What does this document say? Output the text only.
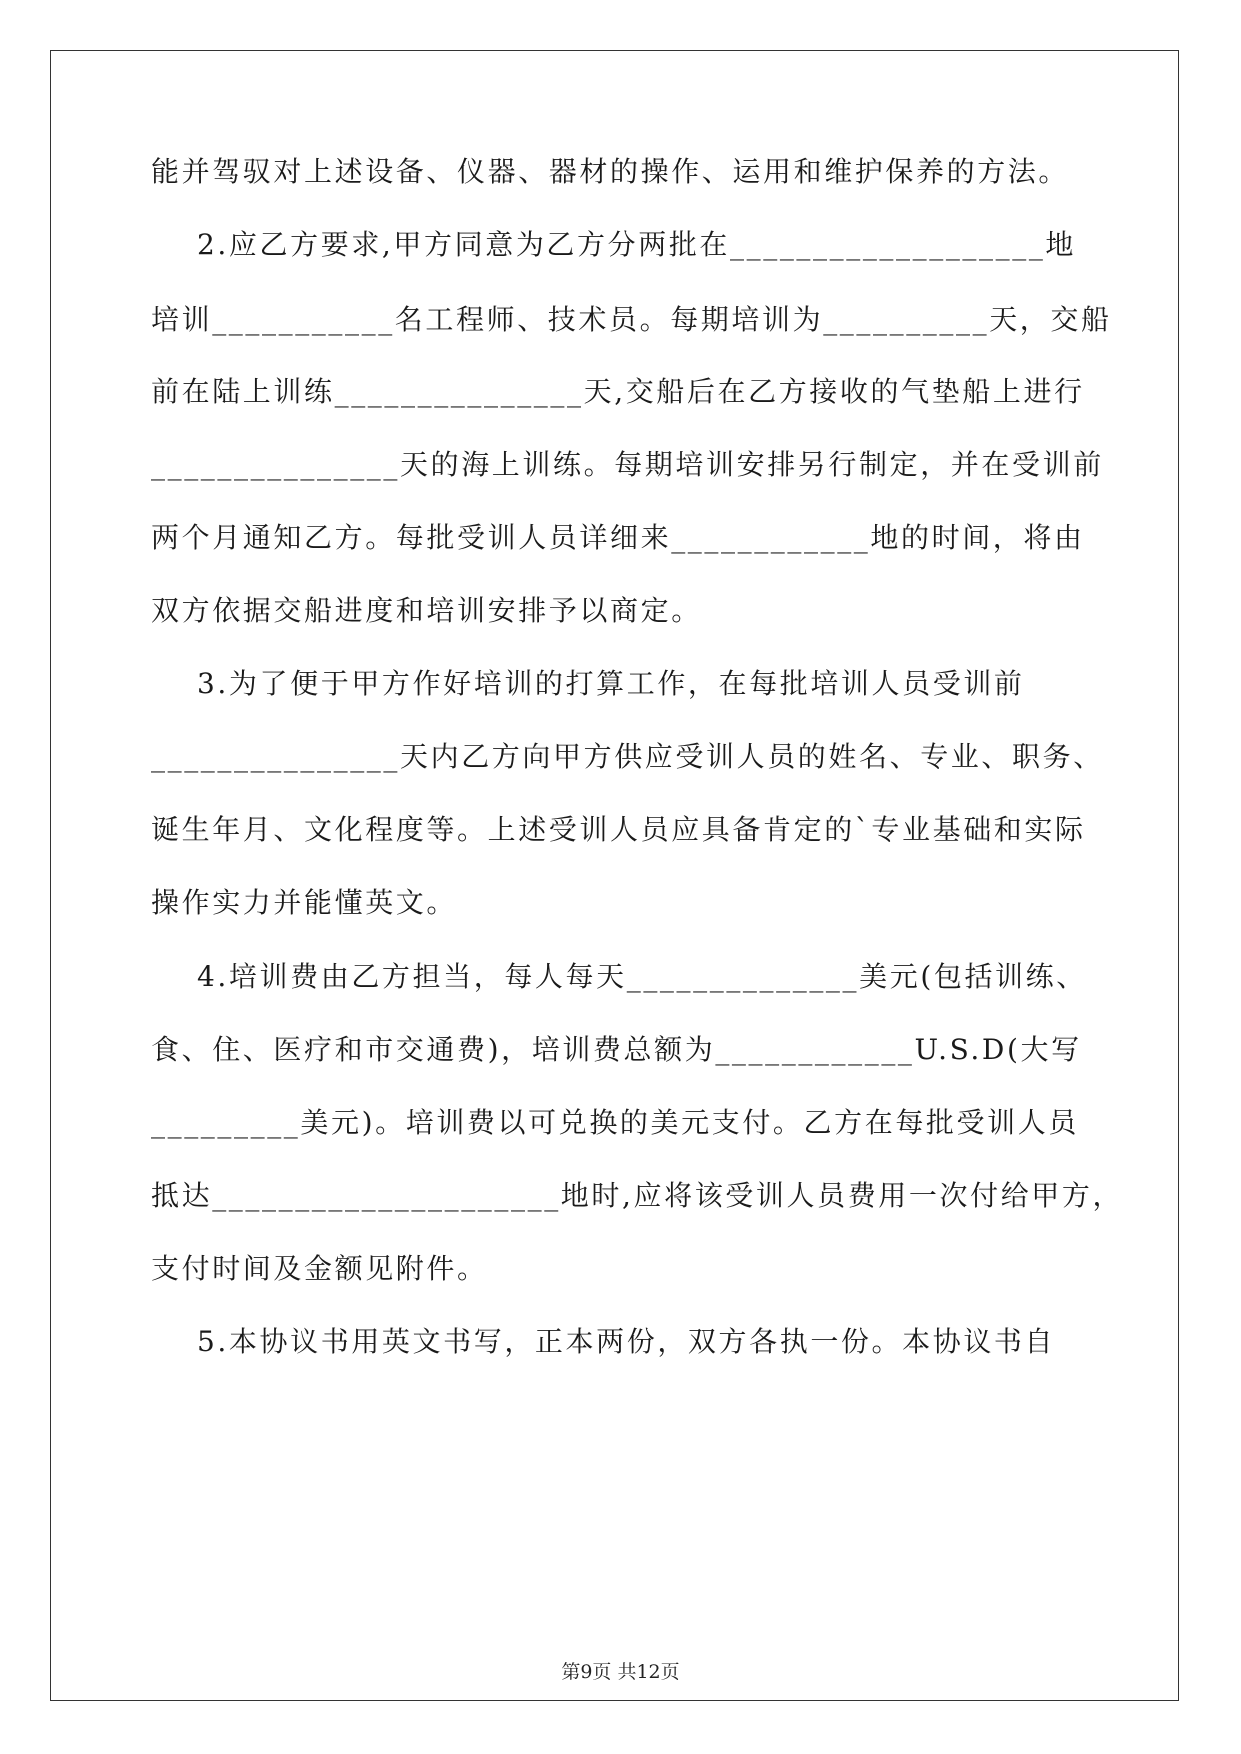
能并驾驭对上述设备、仪器、器材的操作、运用和维护保养的方法。
2.应乙方要求,甲方同意为乙方分两批在___________________地
培训___________名工程师、技术员。每期培训为__________天，交船
前在陆上训练_______________天,交船后在乙方接收的气垫船上进行
_______________天的海上训练。每期培训安排另行制定，并在受训前
两个月通知乙方。每批受训人员详细来____________地的时间，将由
双方依据交船进度和培训安排予以商定。
3.为了便于甲方作好培训的打算工作，在每批培训人员受训前
_______________天内乙方向甲方供应受训人员的姓名、专业、职务、
诞生年月、文化程度等。上述受训人员应具备肯定的`专业基础和实际
操作实力并能懂英文。
4.培训费由乙方担当，每人每天______________美元(包括训练、
食、住、医疗和市交通费)，培训费总额为____________U.S.D(大写
_________美元)。培训费以可兑换的美元支付。乙方在每批受训人员
抵达_____________________地时,应将该受训人员费用一次付给甲方，
支付时间及金额见附件。
5.本协议书用英文书写，正本两份，双方各执一份。本协议书自
第9页 共12页
